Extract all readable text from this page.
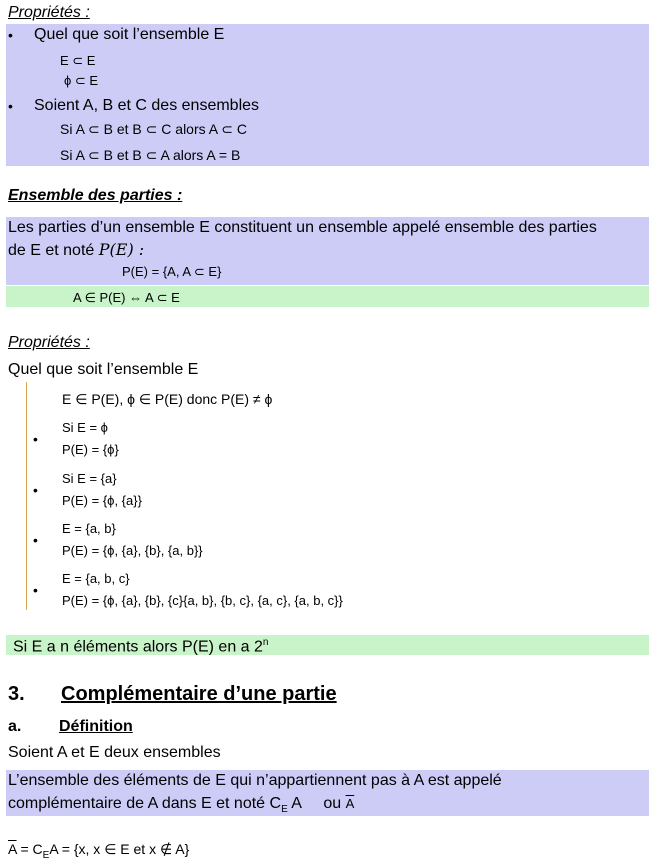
Propriétés :
• Quel que soit l’ensemble E
E ⊂ E
ϕ ⊂ E
• Soient A, B et C des ensembles
Si A ⊂ B et B ⊂ C alors A ⊂ C
Si A ⊂ B et B ⊂ A alors A = B
Ensemble des parties :
Les parties d’un ensemble E constituent un ensemble appelé ensemble des parties
de E et noté P(E) :
P(E) = {A, A ⊂ E}
A ∈ P(E) ⇔ A ⊂ E
Propriétés :
Quel que soit l’ensemble E
E ∈ P(E), ϕ ∈ P(E) donc P(E) ≠ ϕ
•
Si E = ϕ
P(E) = {ϕ}
•
Si E = {a}
P(E) = {ϕ, {a}}
•
E = {a, b}
P(E) = {ϕ, {a}, {b}, {a, b}}
•
E = {a, b, c}
P(E) = {ϕ, {a}, {b}, {c}{a, b}, {b, c}, {a, c}, {a, b, c}}
Si E a n éléments alors P(E) en a 2$^n$
3. Complémentaire d’une partie
a. Définition
Soient A et E deux ensembles
L’ensemble des éléments de E qui n’appartiennent pas à A est appelé
complémentaire de A dans E et noté $C_E$ A     ou $\overline{A}$
$\overline{A} = C_EA = \{x$, x ∈ E et x ∉ A}
